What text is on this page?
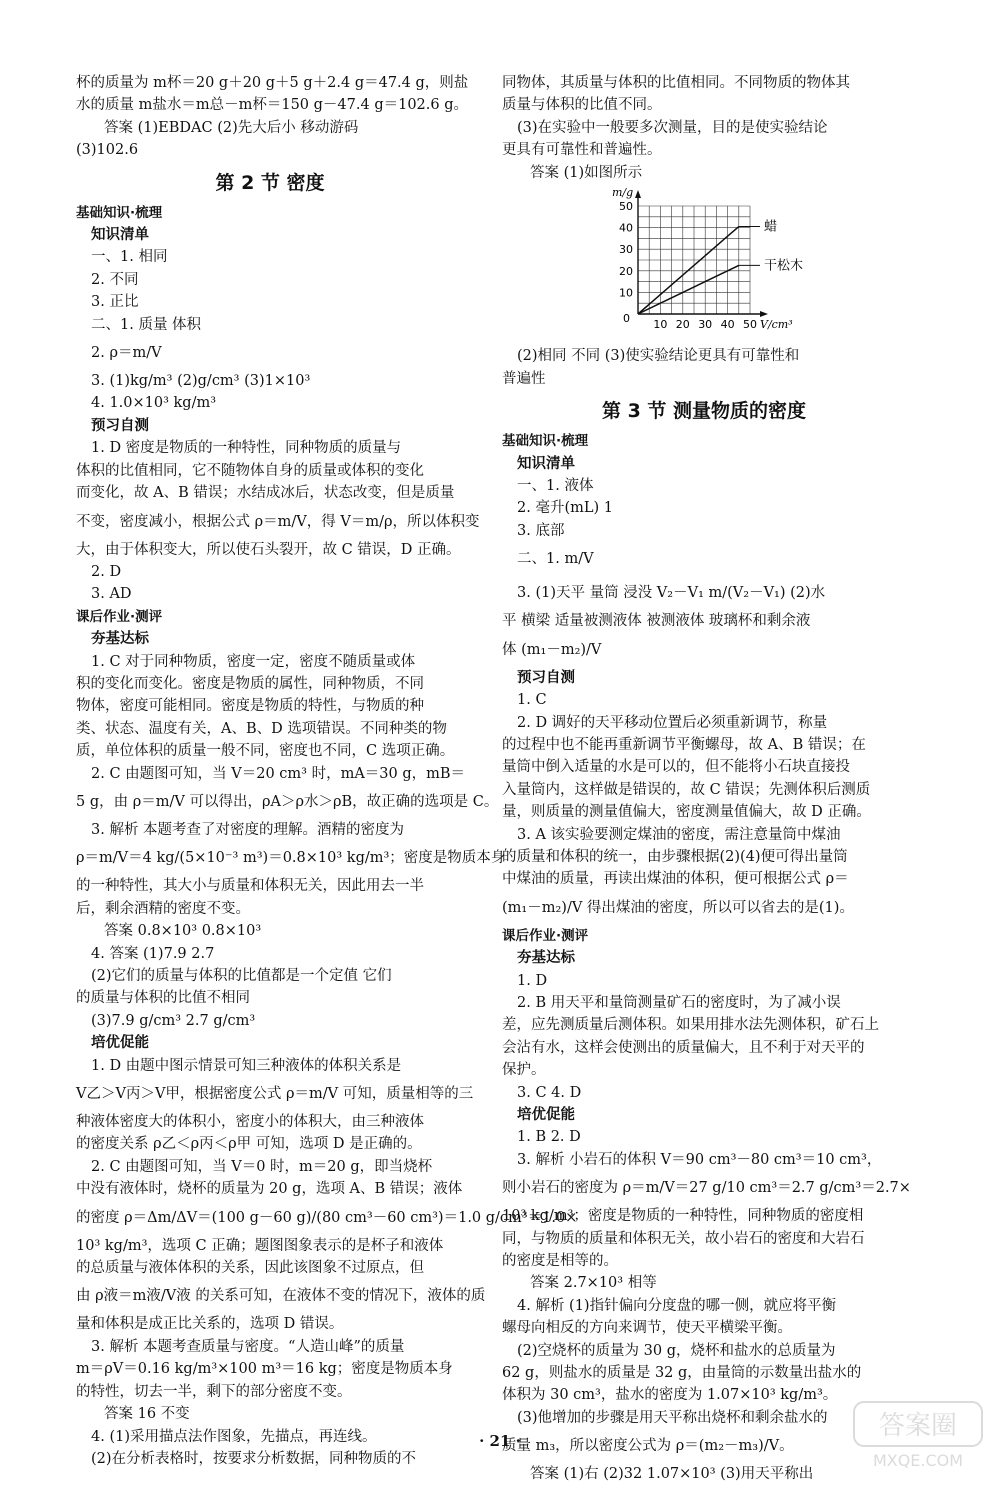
杯的质量为 m杯＝20 g＋20 g＋5 g＋2.4 g＝47.4 g，则盐
水的质量 m盐水＝m总－m杯＝150 g－47.4 g＝102.6 g。
答案 (1)EBDAC (2)先大后小 移动游码
(3)102.6
第 2 节 密度
基础知识·梳理
知识清单
一、1. 相同
2. 不同
3. 正比
二、1. 质量 体积
2. ρ＝m/V
3. (1)kg/m³ (2)g/cm³ (3)1×10³
4. 1.0×10³ kg/m³
预习自测
1. D 密度是物质的一种特性，同种物质的质量与
体积的比值相同，它不随物体自身的质量或体积的变化
而变化，故 A、B 错误；水结成冰后，状态改变，但是质量
不变，密度减小，根据公式 ρ＝m/V，得 V＝m/ρ，所以体积变
大，由于体积变大，所以使石头裂开，故 C 错误，D 正确。
2. D
3. AD
课后作业·测评
夯基达标
1. C 对于同种物质，密度一定，密度不随质量或体
积的变化而变化。密度是物质的属性，同种物质，不同
物体，密度可能相同。密度是物质的特性，与物质的种
类、状态、温度有关，A、B、D 选项错误。不同种类的物
质，单位体积的质量一般不同，密度也不同，C 选项正确。
2. C 由题图可知，当 V＝20 cm³ 时，mA＝30 g，mB＝
5 g，由 ρ＝m/V 可以得出，ρA＞ρ水＞ρB，故正确的选项是 C。
3. 解析 本题考查了对密度的理解。酒精的密度为
ρ＝m/V＝4 kg/(5×10⁻³ m³)＝0.8×10³ kg/m³；密度是物质本身
的一种特性，其大小与质量和体积无关，因此用去一半
后，剩余酒精的密度不变。
答案 0.8×10³ 0.8×10³
4. 答案 (1)7.9 2.7
(2)它们的质量与体积的比值都是一个定值 它们
的质量与体积的比值不相同
(3)7.9 g/cm³ 2.7 g/cm³
培优促能
1. D 由题中图示情景可知三种液体的体积关系是
V乙＞V丙＞V甲，根据密度公式 ρ＝m/V 可知，质量相等的三
种液体密度大的体积小，密度小的体积大，由三种液体
的密度关系 ρ乙＜ρ丙＜ρ甲 可知，选项 D 是正确的。
2. C 由题图可知，当 V＝0 时，m＝20 g，即当烧杯
中没有液体时，烧杯的质量为 20 g，选项 A、B 错误；液体
的密度 ρ＝Δm/ΔV＝(100 g－60 g)/(80 cm³－60 cm³)＝1.0 g/cm³＝1.0×
10³ kg/m³，选项 C 正确；题图图象表示的是杯子和液体
的总质量与液体体积的关系，因此该图象不过原点，但
由 ρ液＝m液/V液 的关系可知，在液体不变的情况下，液体的质
量和体积是成正比关系的，选项 D 错误。
3. 解析 本题考查质量与密度。“人造山峰”的质量
m＝ρV＝0.16 kg/m³×100 m³＝16 kg；密度是物质本身
的特性，切去一半，剩下的部分密度不变。
答案 16 不变
4. (1)采用描点法作图象，先描点，再连线。
(2)在分析表格时，按要求分析数据，同种物质的不
同物体，其质量与体积的比值相同。不同物质的物体其
质量与体积的比值不同。
(3)在实验中一般要多次测量，目的是使实验结论
更具有可靠性和普遍性。
答案 (1)如图所示
10 20 30 40 50
10
20
30
40
50
0	V/cm³
m/g
蜡
干松木
(2)相同 不同 (3)使实验结论更具有可靠性和
普遍性
第 3 节 测量物质的密度
基础知识·梳理
知识清单
一、1. 液体
2. 毫升(mL) 1
3. 底部
二、1. m/V
3. (1)天平 量筒 浸没 V₂－V₁ m/(V₂－V₁) (2)水
平 横梁 适量被测液体 被测液体 玻璃杯和剩余液
体 (m₁－m₂)/V
预习自测
1. C
2. D 调好的天平移动位置后必须重新调节，称量
的过程中也不能再重新调节平衡螺母，故 A、B 错误；在
量筒中倒入适量的水是可以的，但不能将小石块直接投
入量筒内，这样做是错误的，故 C 错误；先测体积后测质
量，则质量的测量值偏大，密度测量值偏大，故 D 正确。
3. A 该实验要测定煤油的密度，需注意量筒中煤油
的质量和体积的统一，由步骤根据(2)(4)便可得出量筒
中煤油的质量，再读出煤油的体积，便可根据公式 ρ＝
(m₁－m₂)/V 得出煤油的密度，所以可以省去的是(1)。
课后作业·测评
夯基达标
1. D
2. B 用天平和量筒测量矿石的密度时，为了减小误
差，应先测质量后测体积。如果用排水法先测体积，矿石上
会沾有水，这样会使测出的质量偏大，且不利于对天平的
保护。
3. C 4. D
培优促能
1. B 2. D
3. 解析 小岩石的体积 V＝90 cm³－80 cm³＝10 cm³，
则小岩石的密度为 ρ＝m/V＝27 g/10 cm³＝2.7 g/cm³＝2.7×
10³ kg/m³；密度是物质的一种特性，同种物质的密度相
同，与物质的质量和体积无关，故小岩石的密度和大岩石
的密度是相等的。
答案 2.7×10³ 相等
4. 解析 (1)指针偏向分度盘的哪一侧，就应将平衡
螺母向相反的方向来调节，使天平横梁平衡。
(2)空烧杯的质量为 30 g，烧杯和盐水的总质量为
62 g，则盐水的质量是 32 g，由量筒的示数量出盐水的
体积为 30 cm³，盐水的密度为 1.07×10³ kg/m³。
(3)他增加的步骤是用天平称出烧杯和剩余盐水的
质量 m₃，所以密度公式为 ρ＝(m₂－m₃)/V。
答案 (1)右 (2)32 1.07×10³ (3)用天平称出
· 21 ·	答案圈
MXQE.COM
